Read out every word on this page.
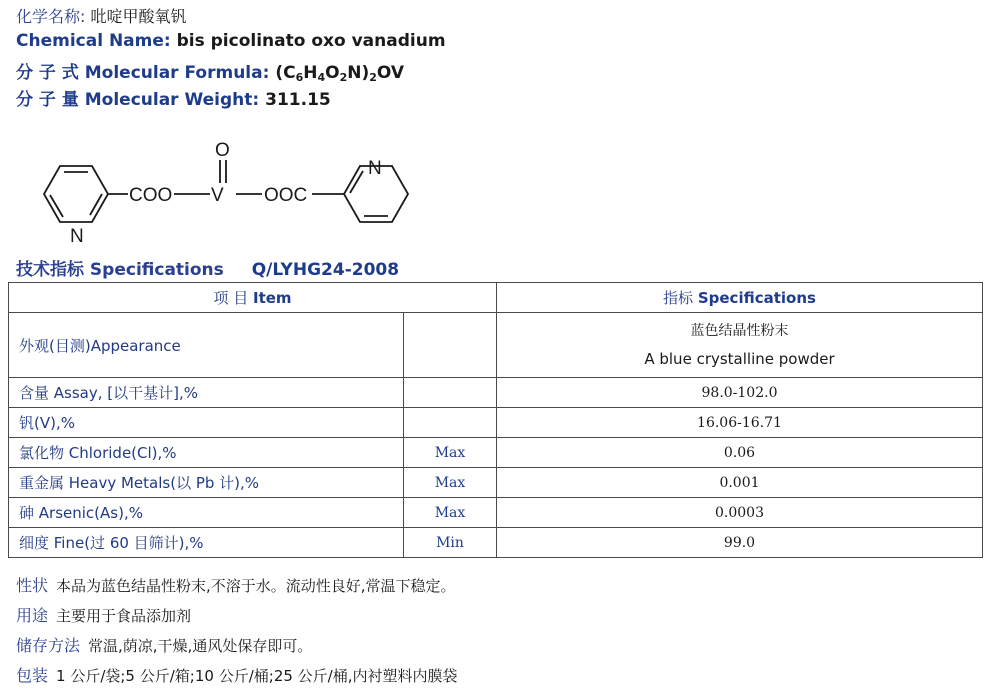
化学名称: 吡啶甲酸氧钒
Chemical Name: bis picolinato oxo vanadium
分 子 式 Molecular Formula: $(C_6H_4O_2N)_2OV$
分 子 量 Molecular Weight: 311.15
COO V
O
OOC
N
N
技术指标 Specifications Q/LYHG24-2008
项 目 Item		指标 Specifications
外观(目测)Appearance		蓝色结晶性粉末
A blue crystalline powder

含量 Assay, [以干基计],%		98.0-102.0
钒(V),%		16.06-16.71
氯化物 Chloride(Cl),%	Max	0.06
重金属 Heavy Metals(以 Pb 计),%	Max	0.001
砷 Arsenic(As),%	Max	0.0003
细度 Fine(过 60 目筛计),%	Min	99.0
性状 本品为蓝色结晶性粉末,不溶于水。流动性良好,常温下稳定。
用途 主要用于食品添加剂
储存方法 常温,荫凉,干燥,通风处保存即可。
包装 1 公斤/袋;5 公斤/箱;10 公斤/桶;25 公斤/桶,内衬塑料内膜袋
